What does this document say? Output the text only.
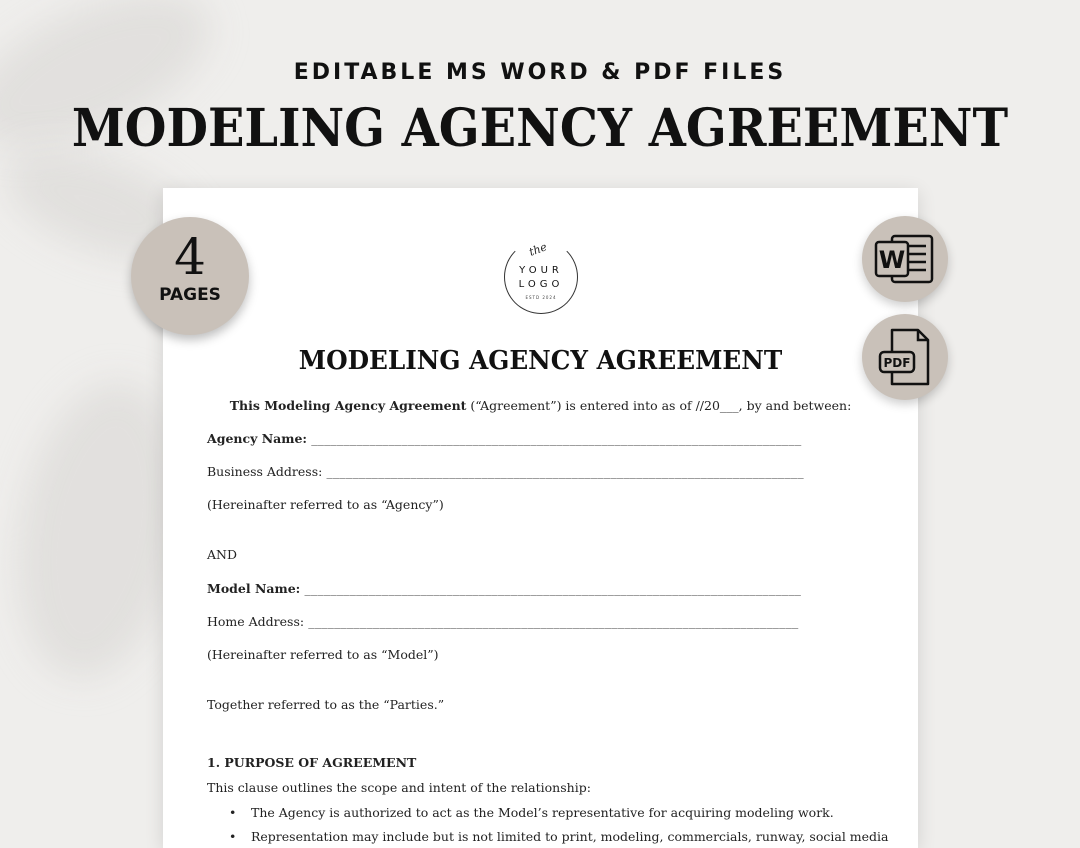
EDITABLE MS WORD & PDF FILES
MODELING AGENCY AGREEMENT
the
YOUR
LOGO
ESTD 2024
MODELING AGENCY AGREEMENT
This Modeling Agency Agreement (“Agreement”) is entered into as of //20___, by and between:
Agency Name: ____________________________________________________________________________
Business Address: __________________________________________________________________________
(Hereinafter referred to as “Agency”)
AND
Model Name: _____________________________________________________________________________
Home Address: ____________________________________________________________________________
(Hereinafter referred to as “Model”)
Together referred to as the “Parties.”
1. PURPOSE OF AGREEMENT
This clause outlines the scope and intent of the relationship:
• The Agency is authorized to act as the Model’s representative for acquiring modeling work.
• Representation may include but is not limited to print, modeling, commercials, runway, social media
4
PAGES
W
PDF
